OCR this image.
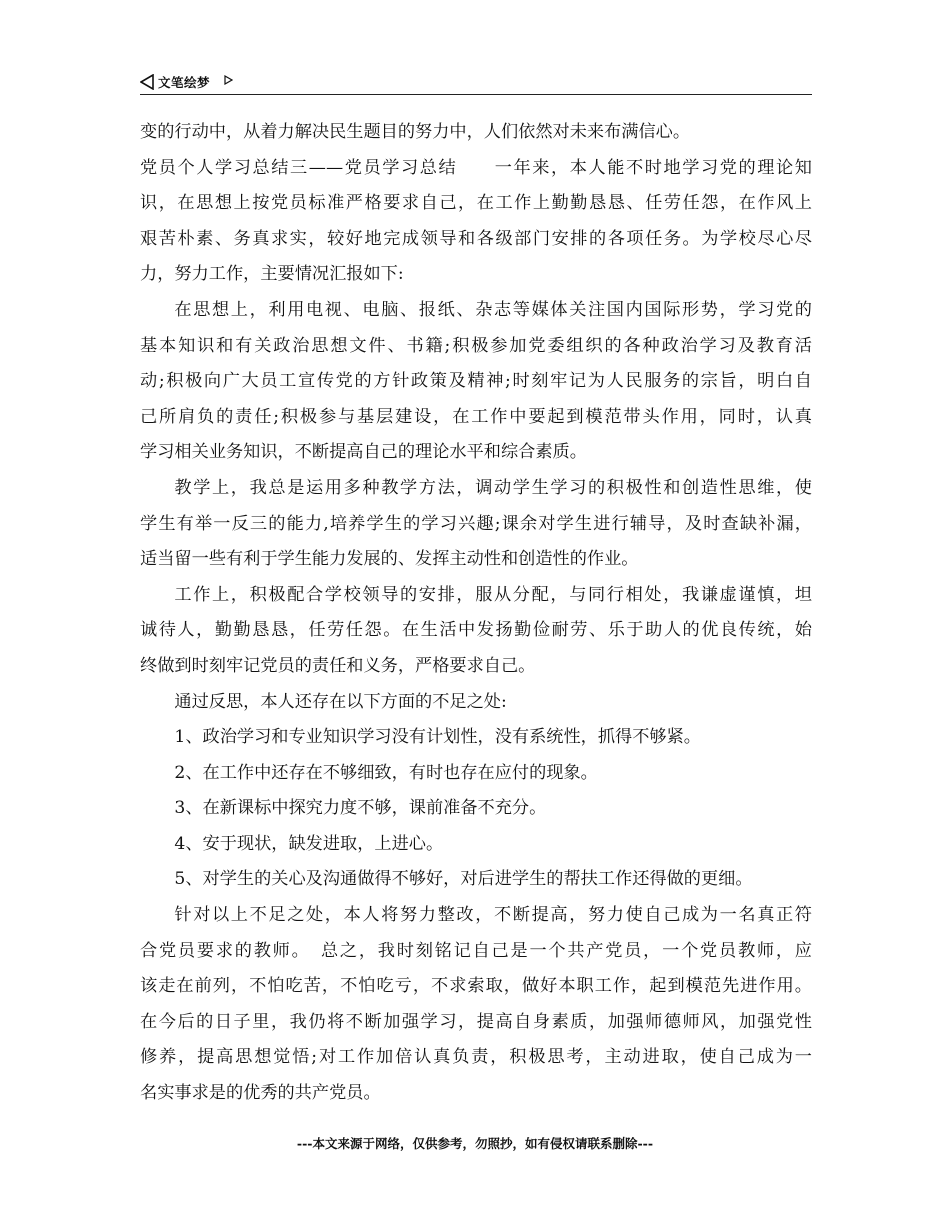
文笔绘梦
变的行动中，从着力解决民生题目的努力中，人们依然对未来布满信心。
党员个人学习总结三——党员学习总结　　一年来，本人能不时地学习党的理论知
识，在思想上按党员标准严格要求自己，在工作上勤勤恳恳、任劳任怨，在作风上
艰苦朴素、务真求实，较好地完成领导和各级部门安排的各项任务。为学校尽心尽
力，努力工作，主要情况汇报如下:
在思想上，利用电视、电脑、报纸、杂志等媒体关注国内国际形势，学习党的
基本知识和有关政治思想文件、书籍;积极参加党委组织的各种政治学习及教育活
动;积极向广大员工宣传党的方针政策及精神;时刻牢记为人民服务的宗旨，明白自
己所肩负的责任;积极参与基层建设，在工作中要起到模范带头作用，同时，认真
学习相关业务知识，不断提高自己的理论水平和综合素质。
教学上，我总是运用多种教学方法，调动学生学习的积极性和创造性思维，使
学生有举一反三的能力,培养学生的学习兴趣;课余对学生进行辅导，及时查缺补漏，
适当留一些有利于学生能力发展的、发挥主动性和创造性的作业。
工作上，积极配合学校领导的安排，服从分配，与同行相处，我谦虚谨慎，坦
诚待人，勤勤恳恳，任劳任怨。在生活中发扬勤俭耐劳、乐于助人的优良传统，始
终做到时刻牢记党员的责任和义务，严格要求自己。
通过反思，本人还存在以下方面的不足之处:
1、政治学习和专业知识学习没有计划性，没有系统性，抓得不够紧。
2、在工作中还存在不够细致，有时也存在应付的现象。
3、在新课标中探究力度不够，课前准备不充分。
4、安于现状，缺发进取，上进心。
5、对学生的关心及沟通做得不够好，对后进学生的帮扶工作还得做的更细。
针对以上不足之处，本人将努力整改，不断提高，努力使自己成为一名真正符
合党员要求的教师。　总之，我时刻铭记自己是一个共产党员，一个党员教师，应
该走在前列，不怕吃苦，不怕吃亏，不求索取，做好本职工作，起到模范先进作用。
在今后的日子里，我仍将不断加强学习，提高自身素质，加强师德师风，加强党性
修养，提高思想觉悟;对工作加倍认真负责，积极思考，主动进取，使自己成为一
名实事求是的优秀的共产党员。
---本文来源于网络，仅供参考，勿照抄，如有侵权请联系删除---
